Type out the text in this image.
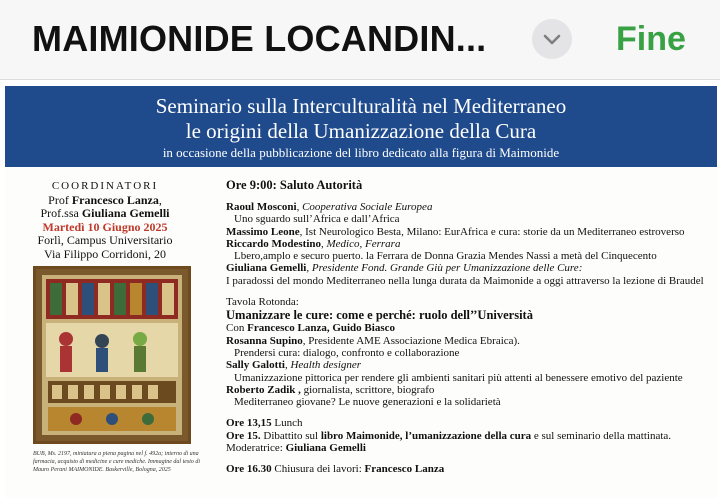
MAIMIONIDE LOCANDIN...	Fine
Seminario sulla Interculturalità nel Mediterraneo
le origini della Umanizzazione della Cura
in occasione della pubblicazione del libro dedicato alla figura di Maimonide
COORDINATORI
Prof Francesco Lanza,
Prof.ssa Giuliana Gemelli
Martedì 10 Giugno 2025
Forlì, Campus Universitario
Via Filippo Corridoni, 20
BUB, Ms. 2197, miniatura a piena pagina nel f. 492a; interno di una farmacia, acquisto di medicine e cure mediche. Immagine dal testo di Mauro Perani MAIMONIDE. Baskerville, Bologna, 2025
Ore 9:00: Saluto Autorità
Raoul Mosconi, Cooperativa Sociale Europea
Uno sguardo sull’Africa e dall’Africa
Massimo Leone, Ist Neurologico Besta, Milano: EurAfrica e cura: storie da un Mediterraneo estroverso
Riccardo Modestino, Medico, Ferrara
Lbero,amplo e securo puerto. la Ferrara de Donna Grazia Mendes Nassi a metà del Cinquecento
Giuliana Gemelli, Presidente Fond. Grande Giù per Umanizzazione delle Cure:
I paradossi del mondo Mediterraneo nella lunga durata da Maimonide a oggi attraverso la lezione di Braudel
Tavola Rotonda:
Umanizzare le cure: come e perché: ruolo dell’’Università
Con Francesco Lanza, Guido Biasco
Rosanna Supino, Presidente AME Associazione Medica Ebraica).
Prendersi cura: dialogo, confronto e collaborazione
Sally Galotti, Health designer
Umanizzazione pittorica per rendere gli ambienti sanitari più attenti al benessere emotivo del paziente
Roberto Zadik , giornalista, scrittore, biografo
Mediterraneo giovane? Le nuove generazioni e la solidarietà
Ore 13,15 Lunch
Ore 15. Dibattito sul libro Maimonide, l’umanizzazione della cura e sul seminario della mattinata.
Moderatrice: Giuliana Gemelli
Ore 16.30 Chiusura dei lavori: Francesco Lanza
